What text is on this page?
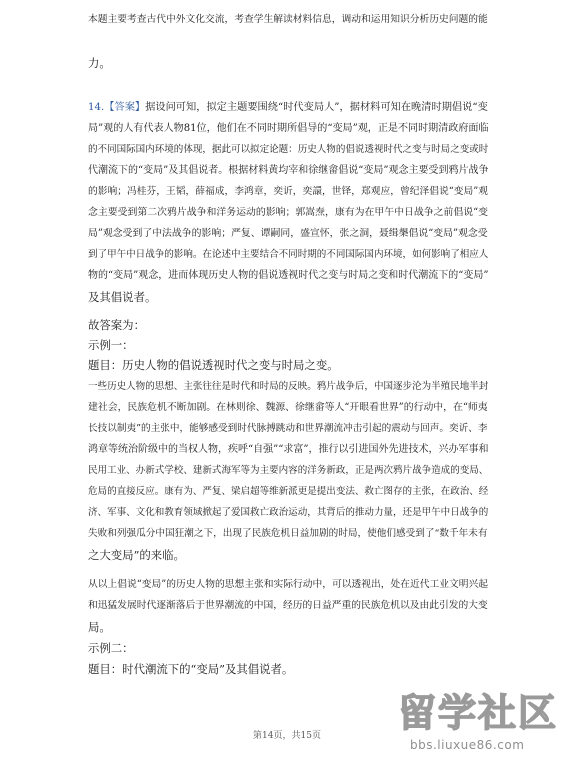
本题主要考查古代中外文化交流，考查学生解读材料信息，调动和运用知识分析历史问题的能
力。
14.【答案】据设问可知，拟定主题要围绕“时代变局人”，据材料可知在晚清时期倡说“变
局”观的人有代表人物81位，他们在不同时期所倡导的“变局”观，正是不同时期清政府面临
的不同国际国内环境的体现，据此可以拟定论题：历史人物的倡说透视时代之变与时局之变或时
代潮流下的“变局”及其倡说者。根据材料黄均宰和徐继畲倡说“变局”观念主要受到鸦片战争
的影响；冯桂芬，王韬，薛福成，李鸿章，奕䜣，奕譞，世铎，郑观应，曾纪泽倡说“变局”观
念主要受到第二次鸦片战争和洋务运动的影响；郭嵩焘，康有为在甲午中日战争之前倡说“变
局”观念受到了中法战争的影响；严复、谭嗣同，盛宣怀，张之洞，聂缉槼倡说“变局”观念受
到了甲午中日战争的影响。在论述中主要结合不同时期的不同国际国内环境，如何影响了相应人
物的“变局”观念，进而体现历史人物的倡说透视时代之变与时局之变和时代潮流下的“变局”
及其倡说者。
故答案为：
示例一：
题目：历史人物的倡说透视时代之变与时局之变。
一些历史人物的思想、主张往往是时代和时局的反映。鸦片战争后，中国逐步沦为半殖民地半封
建社会，民族危机不断加剧。在林则徐、魏源、徐继畲等人“开眼看世界”的行动中，在“师夷
长技以制夷”的主张中，能够感受到时代脉搏跳动和世界潮流冲击引起的震动与回声。奕䜣、李
鸿章等统治阶级中的当权人物，疾呼“自强”“求富”，推行以引进国外先进技术，兴办军事和
民用工业、办新式学校、建新式海军等为主要内容的洋务新政，正是两次鸦片战争造成的变局、
危局的直接反应。康有为、严复、梁启超等维新派更是提出变法、救亡图存的主张，在政治、经
济、军事、文化和教育领域掀起了爱国救亡政治运动，其背后的推动力量，还是甲午中日战争的
失败和列强瓜分中国狂潮之下，出现了民族危机日益加剧的时局，使他们感受到了“数千年未有
之大变局”的来临。
从以上倡说“变局”的历史人物的思想主张和实际行动中，可以透视出，处在近代工业文明兴起
和迅猛发展时代逐渐落后于世界潮流的中国，经历的日益严重的民族危机以及由此引发的大变
局。
示例二：
题目：时代潮流下的“变局”及其倡说者。
第14页，共15页
留学社区
bbs.liuxue86.com
